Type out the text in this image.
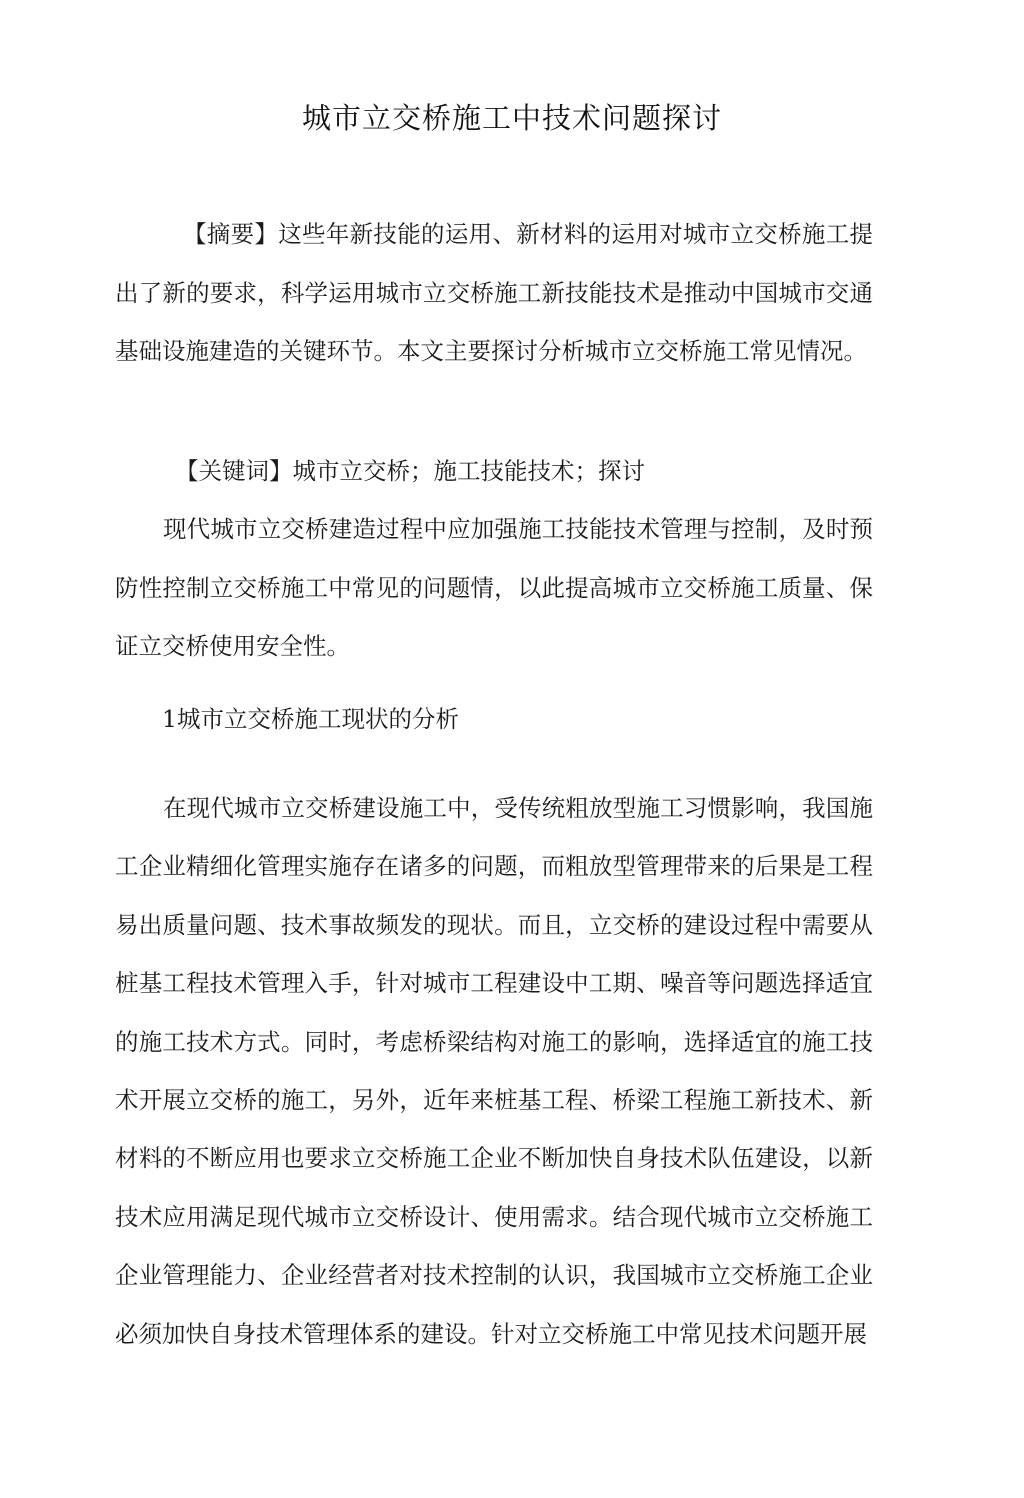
城市立交桥施工中技术问题探讨

【摘要】这些年新技能的运用、新材料的运用对城市立交桥施工提出了新的要求，科学运用城市立交桥施工新技能技术是推动中国城市交通基础设施建造的关键环节。本文主要探讨分析城市立交桥施工常见情况。

【关键词】城市立交桥；施工技能技术；探讨

现代城市立交桥建造过程中应加强施工技能技术管理与控制，及时预防性控制立交桥施工中常见的问题情，以此提高城市立交桥施工质量、保证立交桥使用安全性。

1城市立交桥施工现状的分析

在现代城市立交桥建设施工中，受传统粗放型施工习惯影响，我国施工企业精细化管理实施存在诸多的问题，而粗放型管理带来的后果是工程易出质量问题、技术事故频发的现状。而且，立交桥的建设过程中需要从桩基工程技术管理入手，针对城市工程建设中工期、噪音等问题选择适宜的施工技术方式。同时，考虑桥梁结构对施工的影响，选择适宜的施工技术开展立交桥的施工，另外，近年来桩基工程、桥梁工程施工新技术、新材料的不断应用也要求立交桥施工企业不断加快自身技术队伍建设，以新技术应用满足现代城市立交桥设计、使用需求。结合现代城市立交桥施工企业管理能力、企业经营者对技术控制的认识，我国城市立交桥施工企业必须加快自身技术管理体系的建设。针对立交桥施工中常见技术问题开展
